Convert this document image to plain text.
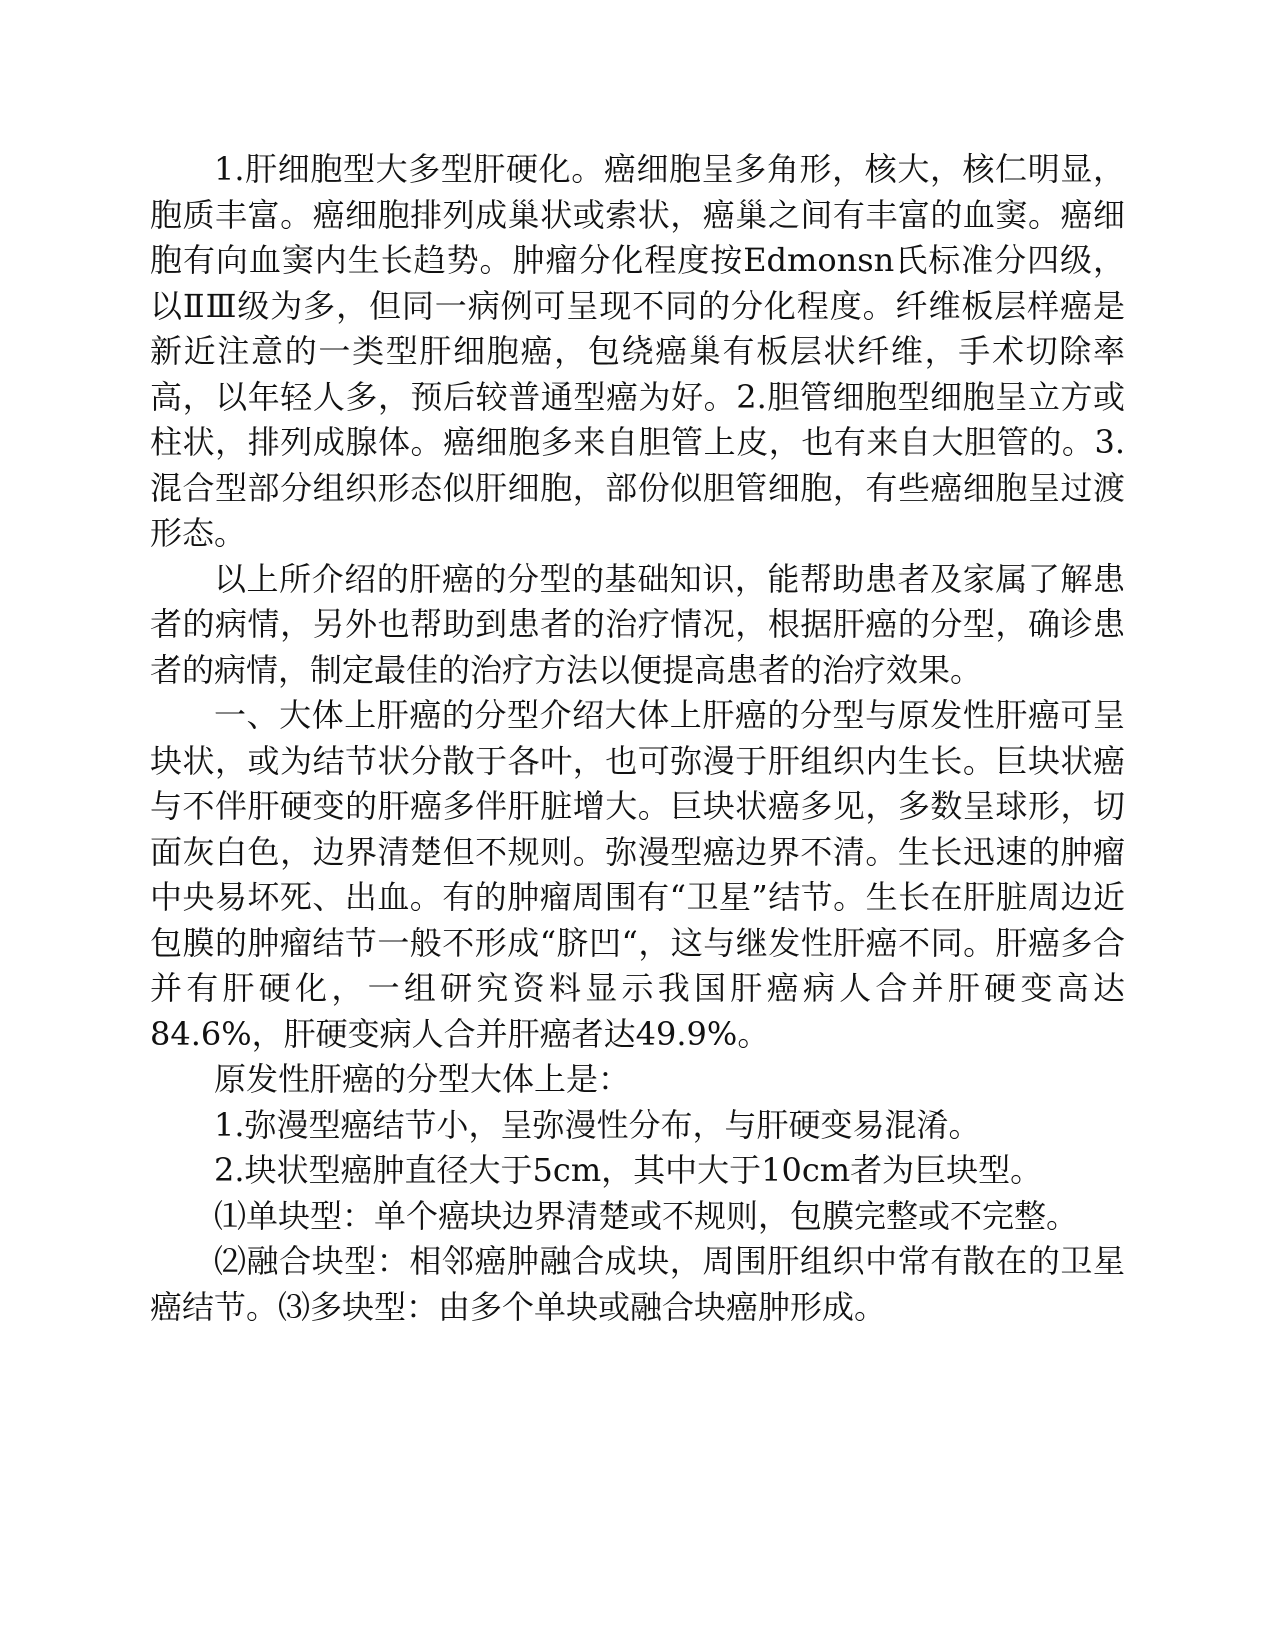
1.肝细胞型大多型肝硬化。癌细胞呈多角形，核大，核仁明显，胞质丰富。癌细胞排列成巢状或索状，癌巢之间有丰富的血窦。癌细胞有向血窦内生长趋势。肿瘤分化程度按Edmonsn氏标准分四级，以ⅡⅢ级为多，但同一病例可呈现不同的分化程度。纤维板层样癌是新近注意的一类型肝细胞癌，包绕癌巢有板层状纤维，手术切除率高，以年轻人多，预后较普通型癌为好。2.胆管细胞型细胞呈立方或柱状，排列成腺体。癌细胞多来自胆管上皮，也有来自大胆管的。3.混合型部分组织形态似肝细胞，部份似胆管细胞，有些癌细胞呈过渡形态。

以上所介绍的肝癌的分型的基础知识，能帮助患者及家属了解患者的病情，另外也帮助到患者的治疗情况，根据肝癌的分型，确诊患者的病情，制定最佳的治疗方法以便提高患者的治疗效果。

一、大体上肝癌的分型介绍大体上肝癌的分型与原发性肝癌可呈块状，或为结节状分散于各叶，也可弥漫于肝组织内生长。巨块状癌与不伴肝硬变的肝癌多伴肝脏增大。巨块状癌多见，多数呈球形，切面灰白色，边界清楚但不规则。弥漫型癌边界不清。生长迅速的肿瘤中央易坏死、出血。有的肿瘤周围有“卫星”结节。生长在肝脏周边近包膜的肿瘤结节一般不形成“脐凹“，这与继发性肝癌不同。肝癌多合并有肝硬化，一组研究资料显示我国肝癌病人合并肝硬变高达84.6%，肝硬变病人合并肝癌者达49.9%。

原发性肝癌的分型大体上是：

1.弥漫型癌结节小，呈弥漫性分布，与肝硬变易混淆。

2.块状型癌肿直径大于5cm，其中大于10cm者为巨块型。

⑴单块型：单个癌块边界清楚或不规则，包膜完整或不完整。

⑵融合块型：相邻癌肿融合成块，周围肝组织中常有散在的卫星癌结节。⑶多块型：由多个单块或融合块癌肿形成。
